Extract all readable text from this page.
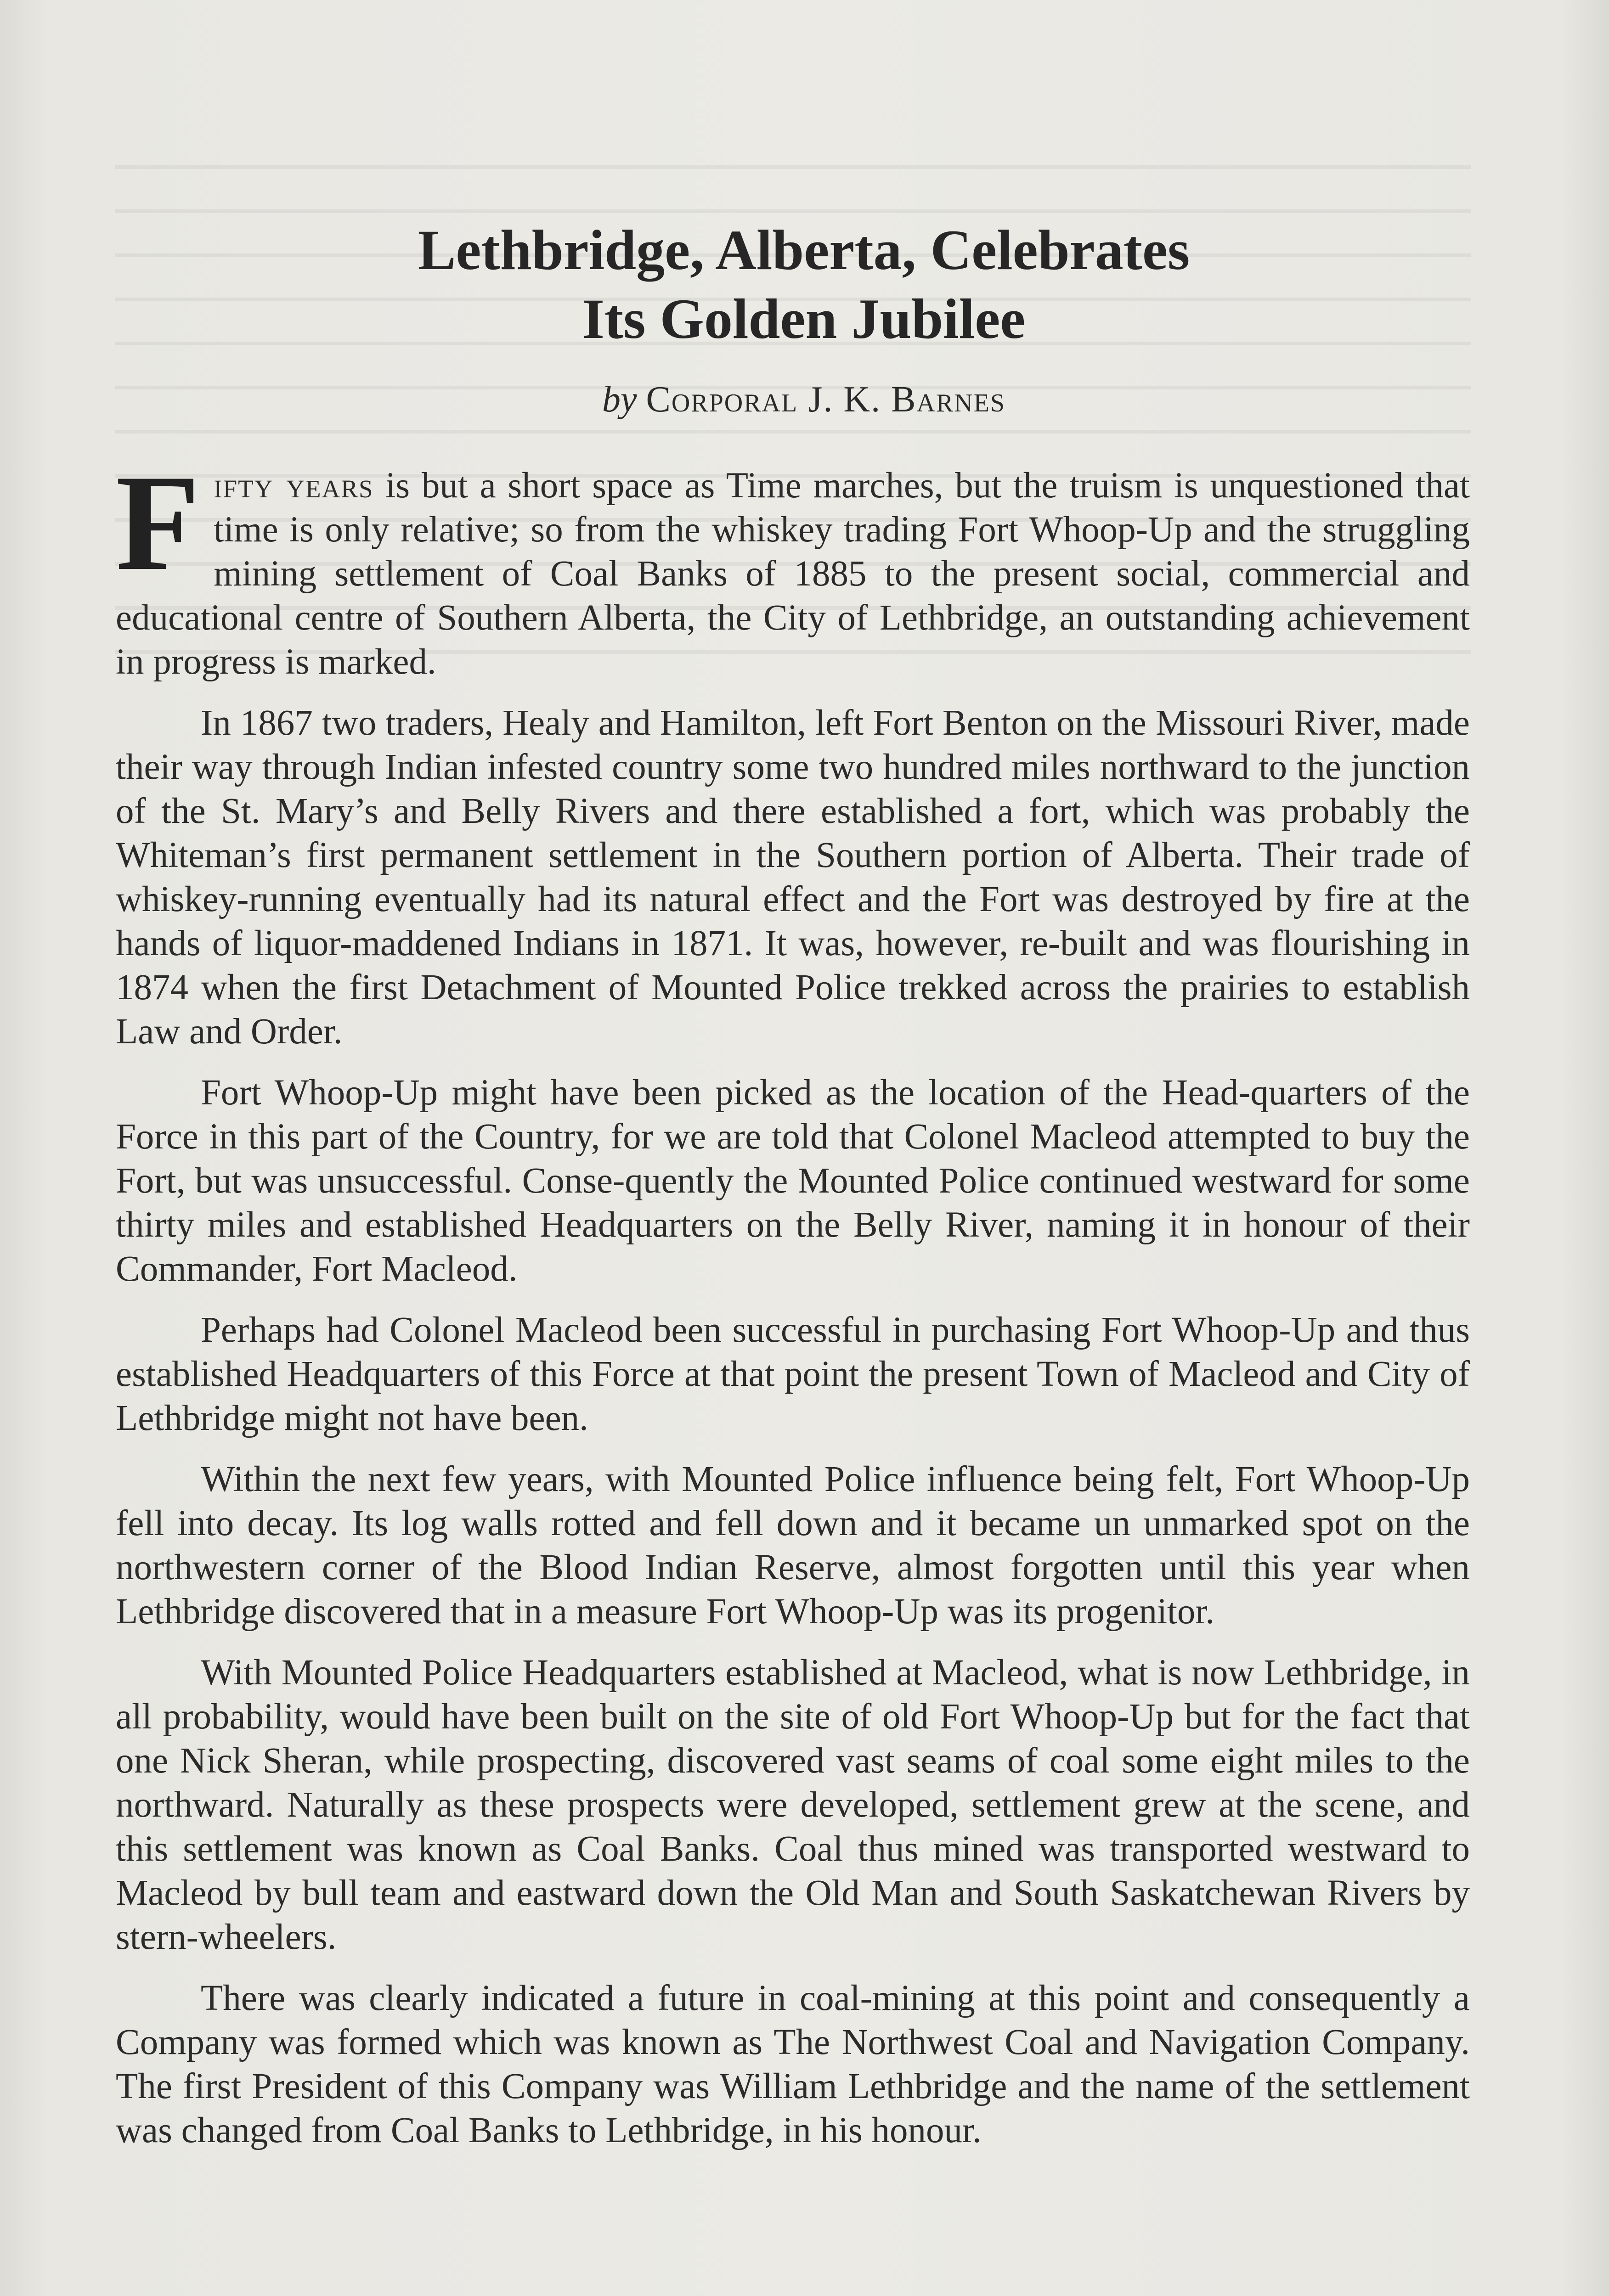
Lethbridge, Alberta, Celebrates
Its Golden Jubilee

by Corporal J. K. Barnes

Fifty years is but a short space as Time marches, but the truism is unquestioned that time is only relative; so from the whiskey trading Fort Whoop-Up and the struggling mining settlement of Coal Banks of 1885 to the present social, commercial and educational centre of Southern Alberta, the City of Lethbridge, an outstanding achievement in progress is marked.

In 1867 two traders, Healy and Hamilton, left Fort Benton on the Missouri River, made their way through Indian infested country some two hundred miles northward to the junction of the St. Mary’s and Belly Rivers and there established a fort, which was probably the Whiteman’s first permanent settlement in the Southern portion of Alberta. Their trade of whiskey-running eventually had its natural effect and the Fort was destroyed by fire at the hands of liquor-maddened Indians in 1871. It was, however, re-built and was flourishing in 1874 when the first Detachment of Mounted Police trekked across the prairies to establish Law and Order.

Fort Whoop-Up might have been picked as the location of the Head-quarters of the Force in this part of the Country, for we are told that Colonel Macleod attempted to buy the Fort, but was unsuccessful. Conse-quently the Mounted Police continued westward for some thirty miles and established Headquarters on the Belly River, naming it in honour of their Commander, Fort Macleod.

Perhaps had Colonel Macleod been successful in purchasing Fort Whoop-Up and thus established Headquarters of this Force at that point the present Town of Macleod and City of Lethbridge might not have been.

Within the next few years, with Mounted Police influence being felt, Fort Whoop-Up fell into decay. Its log walls rotted and fell down and it became un unmarked spot on the northwestern corner of the Blood Indian Reserve, almost forgotten until this year when Lethbridge discovered that in a measure Fort Whoop-Up was its progenitor.

With Mounted Police Headquarters established at Macleod, what is now Lethbridge, in all probability, would have been built on the site of old Fort Whoop-Up but for the fact that one Nick Sheran, while prospecting, discovered vast seams of coal some eight miles to the northward. Naturally as these prospects were developed, settlement grew at the scene, and this settlement was known as Coal Banks. Coal thus mined was transported westward to Macleod by bull team and eastward down the Old Man and South Saskatchewan Rivers by stern-wheelers.

There was clearly indicated a future in coal-mining at this point and consequently a Company was formed which was known as The Northwest Coal and Navigation Company. The first President of this Company was William Lethbridge and the name of the settlement was changed from Coal Banks to Lethbridge, in his honour.
